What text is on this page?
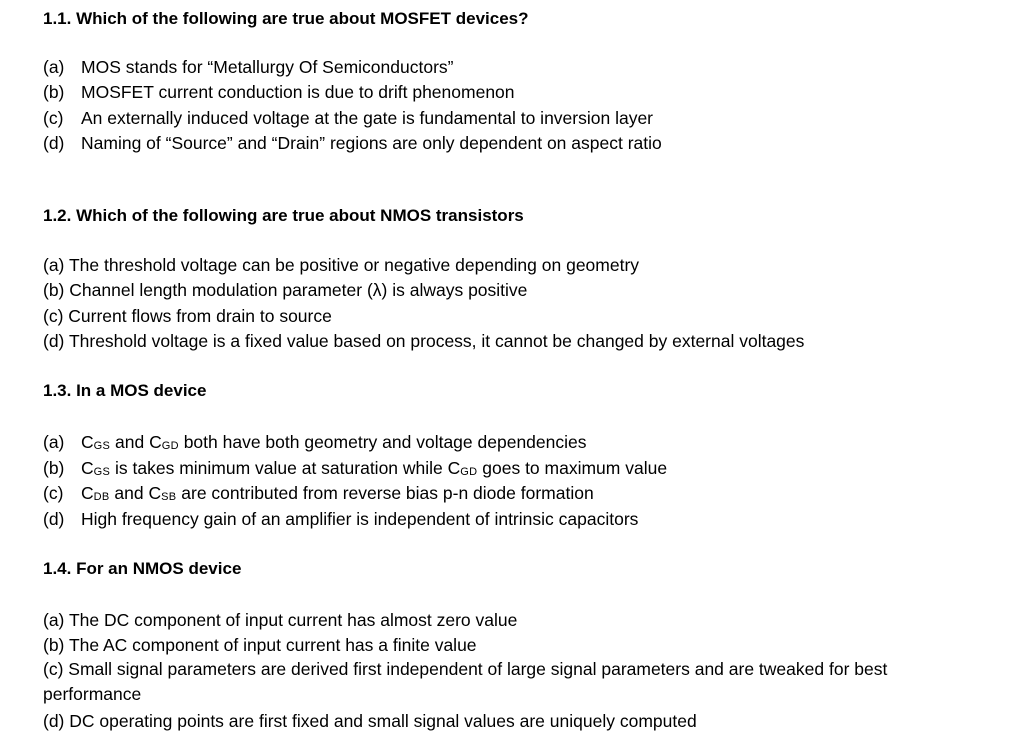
1.1. Which of the following are true about MOSFET devices?
(a) MOS stands for “Metallurgy Of Semiconductors”
(b) MOSFET current conduction is due to drift phenomenon
(c) An externally induced voltage at the gate is fundamental to inversion layer
(d) Naming of “Source” and “Drain” regions are only dependent on aspect ratio
1.2. Which of the following are true about NMOS transistors
(a) The threshold voltage can be positive or negative depending on geometry
(b) Channel length modulation parameter (λ) is always positive
(c) Current flows from drain to source
(d) Threshold voltage is a fixed value based on process, it cannot be changed by external voltages
1.3. In a MOS device
(a) CGS and CGD both have both geometry and voltage dependencies
(b) CGS is takes minimum value at saturation while CGD goes to maximum value
(c) CDB and CSB are contributed from reverse bias p-n diode formation
(d) High frequency gain of an amplifier is independent of intrinsic capacitors
1.4. For an NMOS device
(a) The DC component of input current has almost zero value
(b) The AC component of input current has a finite value
(c) Small signal parameters are derived first independent of large signal parameters and are tweaked for best performance
(d) DC operating points are first fixed and small signal values are uniquely computed
